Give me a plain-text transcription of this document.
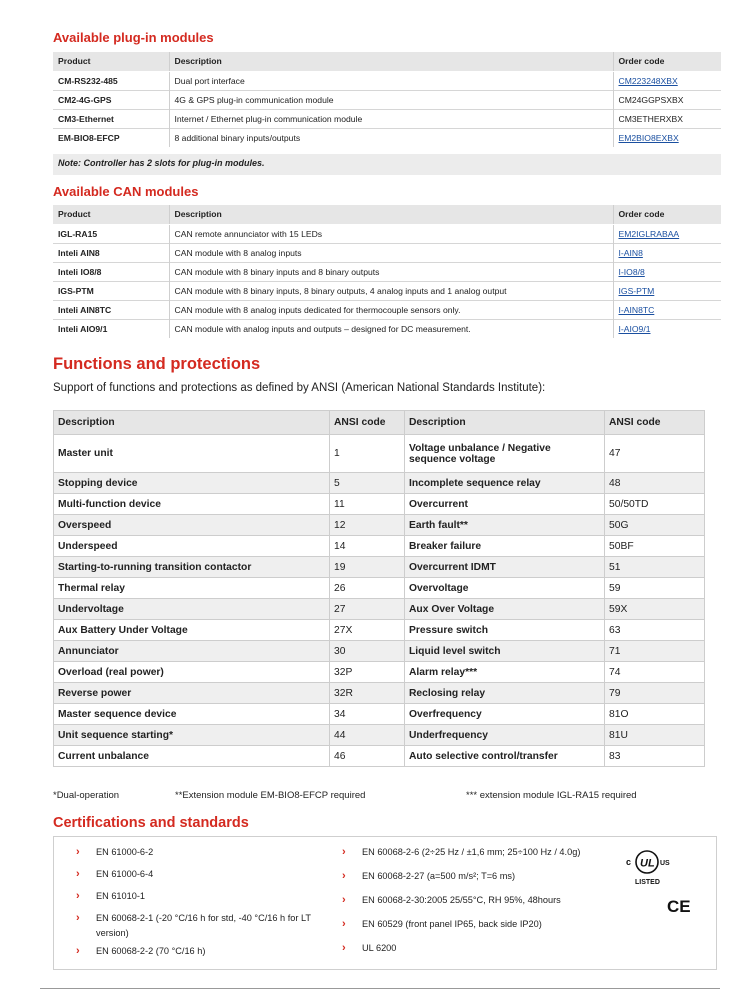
Available plug-in modules
Product	Description	Order code
CM-RS232-485	Dual port interface	CM223248XBX
CM2-4G-GPS	4G & GPS plug-in communication module	CM24GGPSXBX
CM3-Ethernet	Internet / Ethernet plug-in communication module	CM3ETHERXBX
EM-BIO8-EFCP	8 additional binary inputs/outputs	EM2BIO8EXBX
Note: Controller has 2 slots for plug-in modules.
Available CAN modules
Product	Description	Order code
IGL-RA15	CAN remote annunciator with 15 LEDs	EM2IGLRABAA
Inteli AIN8	CAN module with 8 analog inputs	I-AIN8
Inteli IO8/8	CAN module with 8 binary inputs and 8 binary outputs	I-IO8/8
IGS-PTM	CAN module with 8 binary inputs, 8 binary outputs, 4 analog inputs and 1 analog output	IGS-PTM
Inteli AIN8TC	CAN module with 8 analog inputs dedicated for thermocouple sensors only.	I-AIN8TC
Inteli AIO9/1	CAN module with analog inputs and outputs – designed for DC measurement.	I-AIO9/1
Functions and protections
Support of functions and protections as defined by ANSI (American National Standards Institute):
Description	ANSI code	Description	ANSI code
Master unit	1	Voltage unbalance / Negative sequence voltage	47
Stopping device	5	Incomplete sequence relay	48
Multi-function device	11	Overcurrent	50/50TD
Overspeed	12	Earth fault**	50G
Underspeed	14	Breaker failure	50BF
Starting-to-running transition contactor	19	Overcurrent IDMT	51
Thermal relay	26	Overvoltage	59
Undervoltage	27	Aux Over Voltage	59X
Aux Battery Under Voltage	27X	Pressure switch	63
Annunciator	30	Liquid level switch	71
Overload (real power)	32P	Alarm relay***	74
Reverse power	32R	Reclosing relay	79
Master sequence device	34	Overfrequency	81O
Unit sequence starting*	44	Underfrequency	81U
Current unbalance	46	Auto selective control/transfer	83
*Dual-operation	**Extension module EM-BIO8-EFCP required	*** extension module IGL-RA15 required
Certifications and standards
› EN 61000-6-2
› EN 61000-6-4
› EN 61010-1
› EN 60068-2-1 (-20 °C/16 h for std, -40 °C/16 h for LT version)
› EN 60068-2-2 (70 °C/16 h)
› EN 60068-2-6 (2÷25 Hz / ±1,6 mm; 25÷100 Hz / 4.0g)
› EN 60068-2-27 (a=500 m/s²; T=6 ms)
› EN 60068-2-30:2005 25/55°C, RH 95%, 48hours
› EN 60529 (front panel IP65, back side IP20)
› UL 6200
c UL US
LISTED
CE
